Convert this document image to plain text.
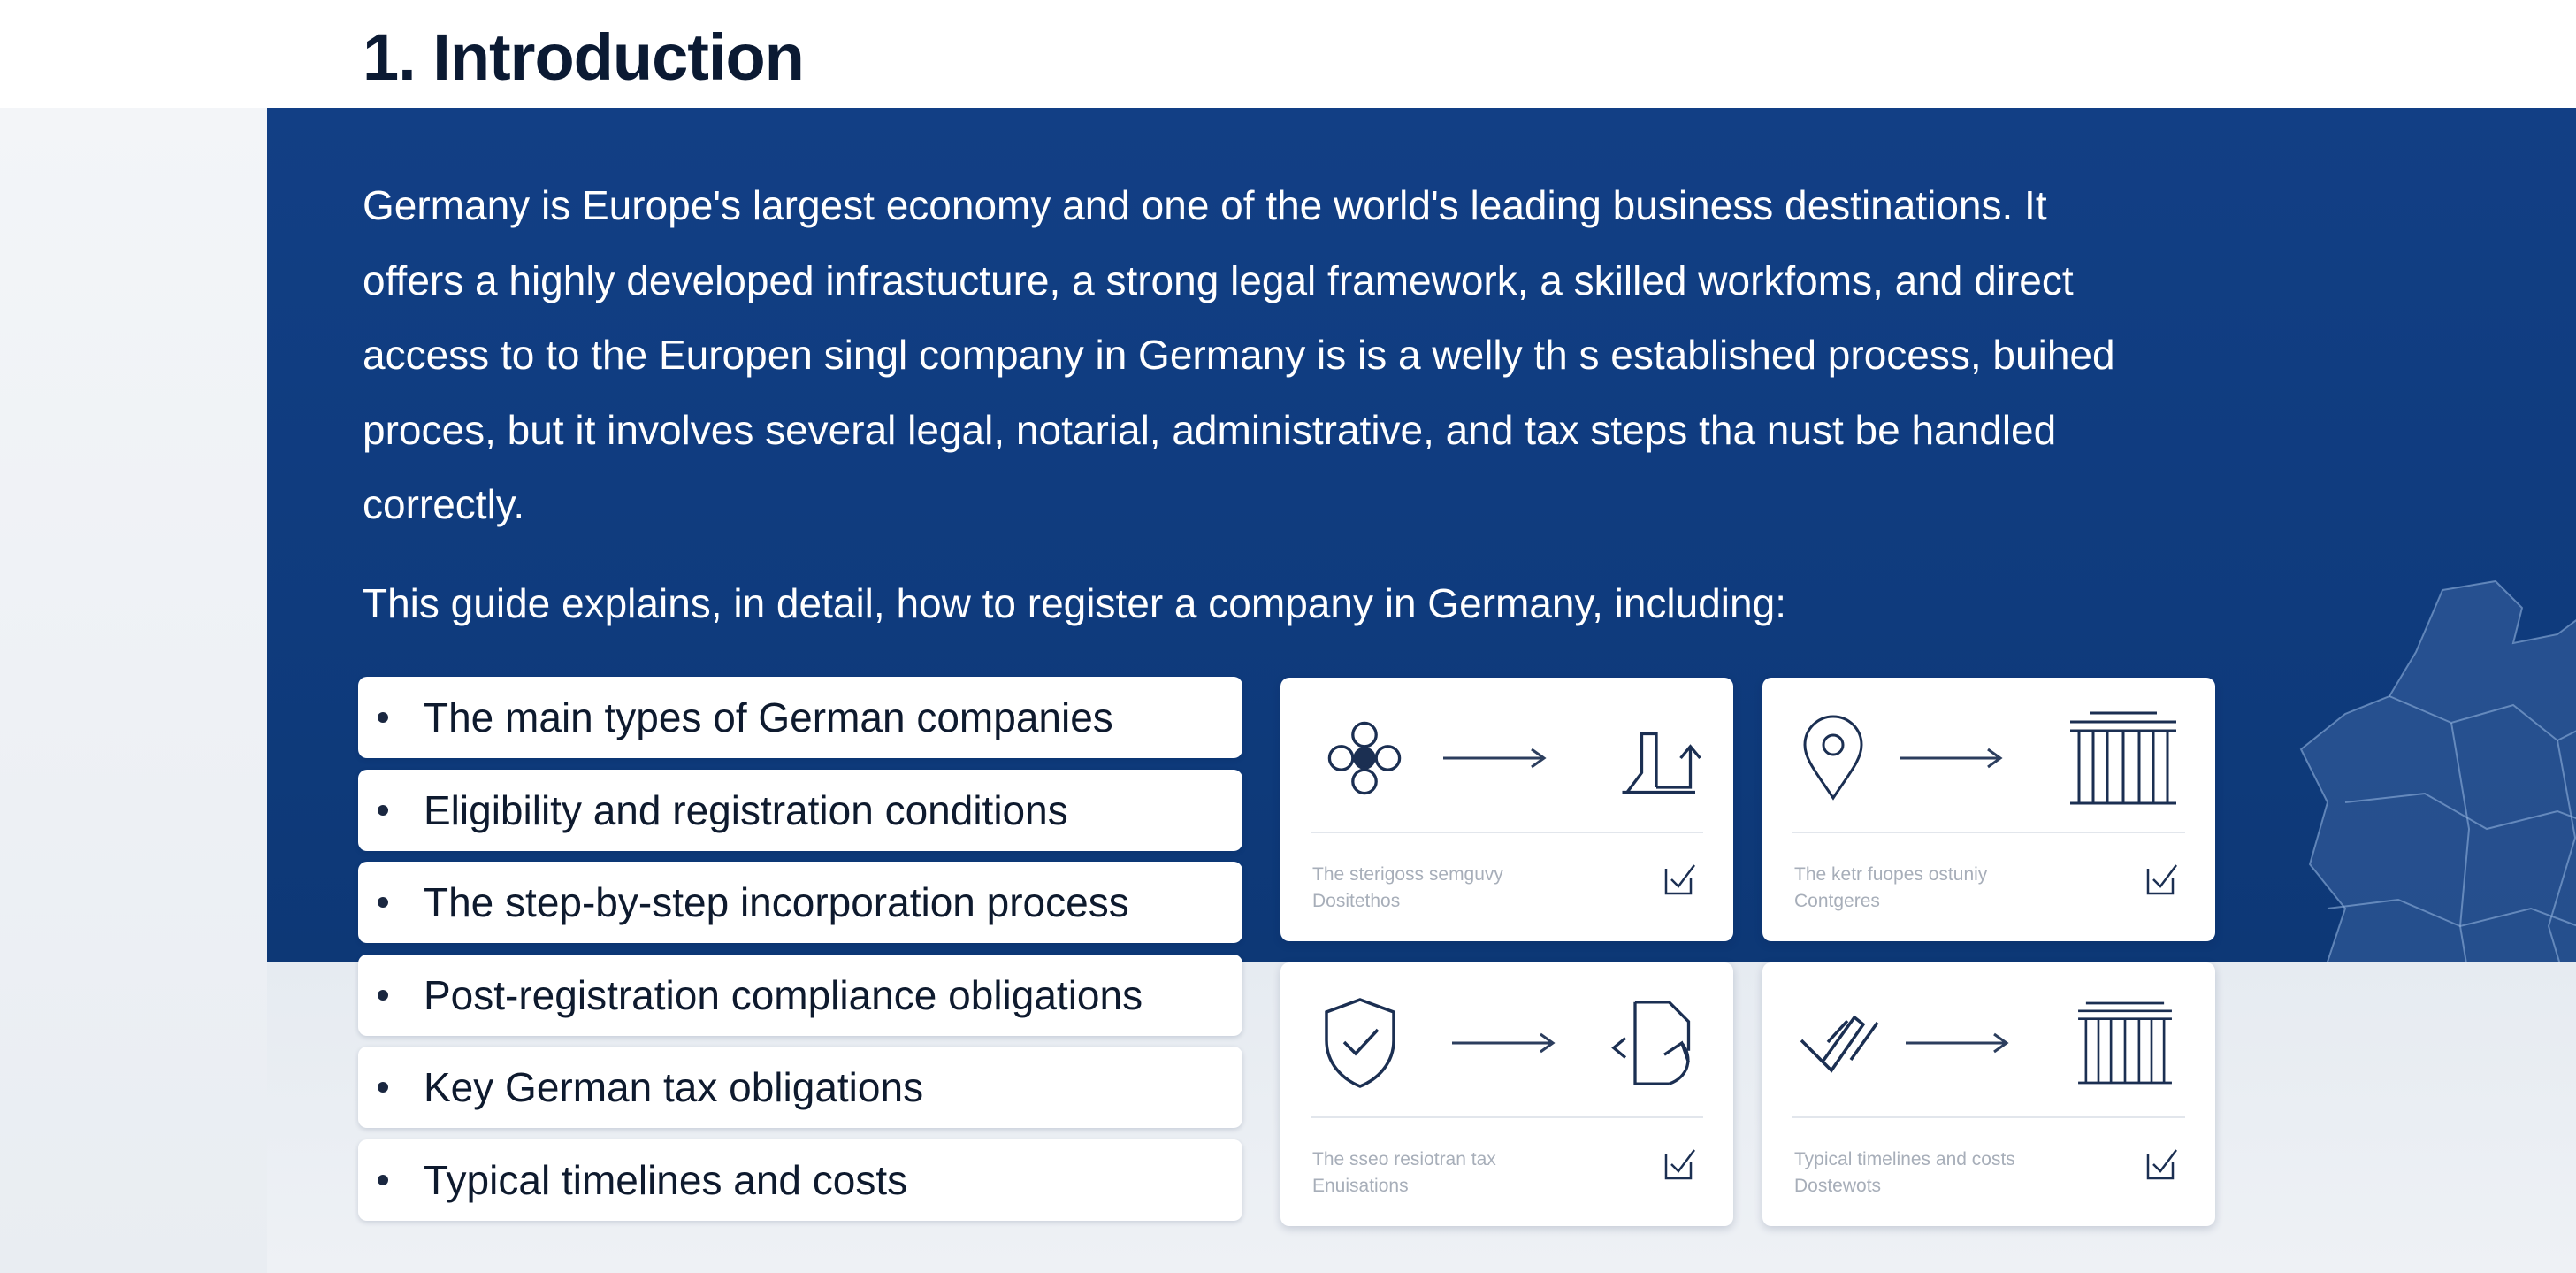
1. Introduction

Germany is Europe's largest economy and one of the world's leading business destinations. It

offers a highly developed infrastucture, a strong legal framework, a skilled workfoms, and direct

access to to the Europen singl company in Germany is is a welly th s established process, buihed

proces, but it involves several legal, notarial, administrative, and tax steps tha nust be handled

correctly.

This guide explains, in detail, how to register a company in Germany, including:
The main types of German companies
Eligibility and registration conditions
The step-by-step incorporation process
Post-registration compliance obligations
Key German tax obligations
Typical timelines and costs
The sterigoss semguvy
Dositethos
The ketr fuopes ostuniy
Contgeres
The sseo resiotran tax
Enuisations
Typical timelines and costs
Dostewots
